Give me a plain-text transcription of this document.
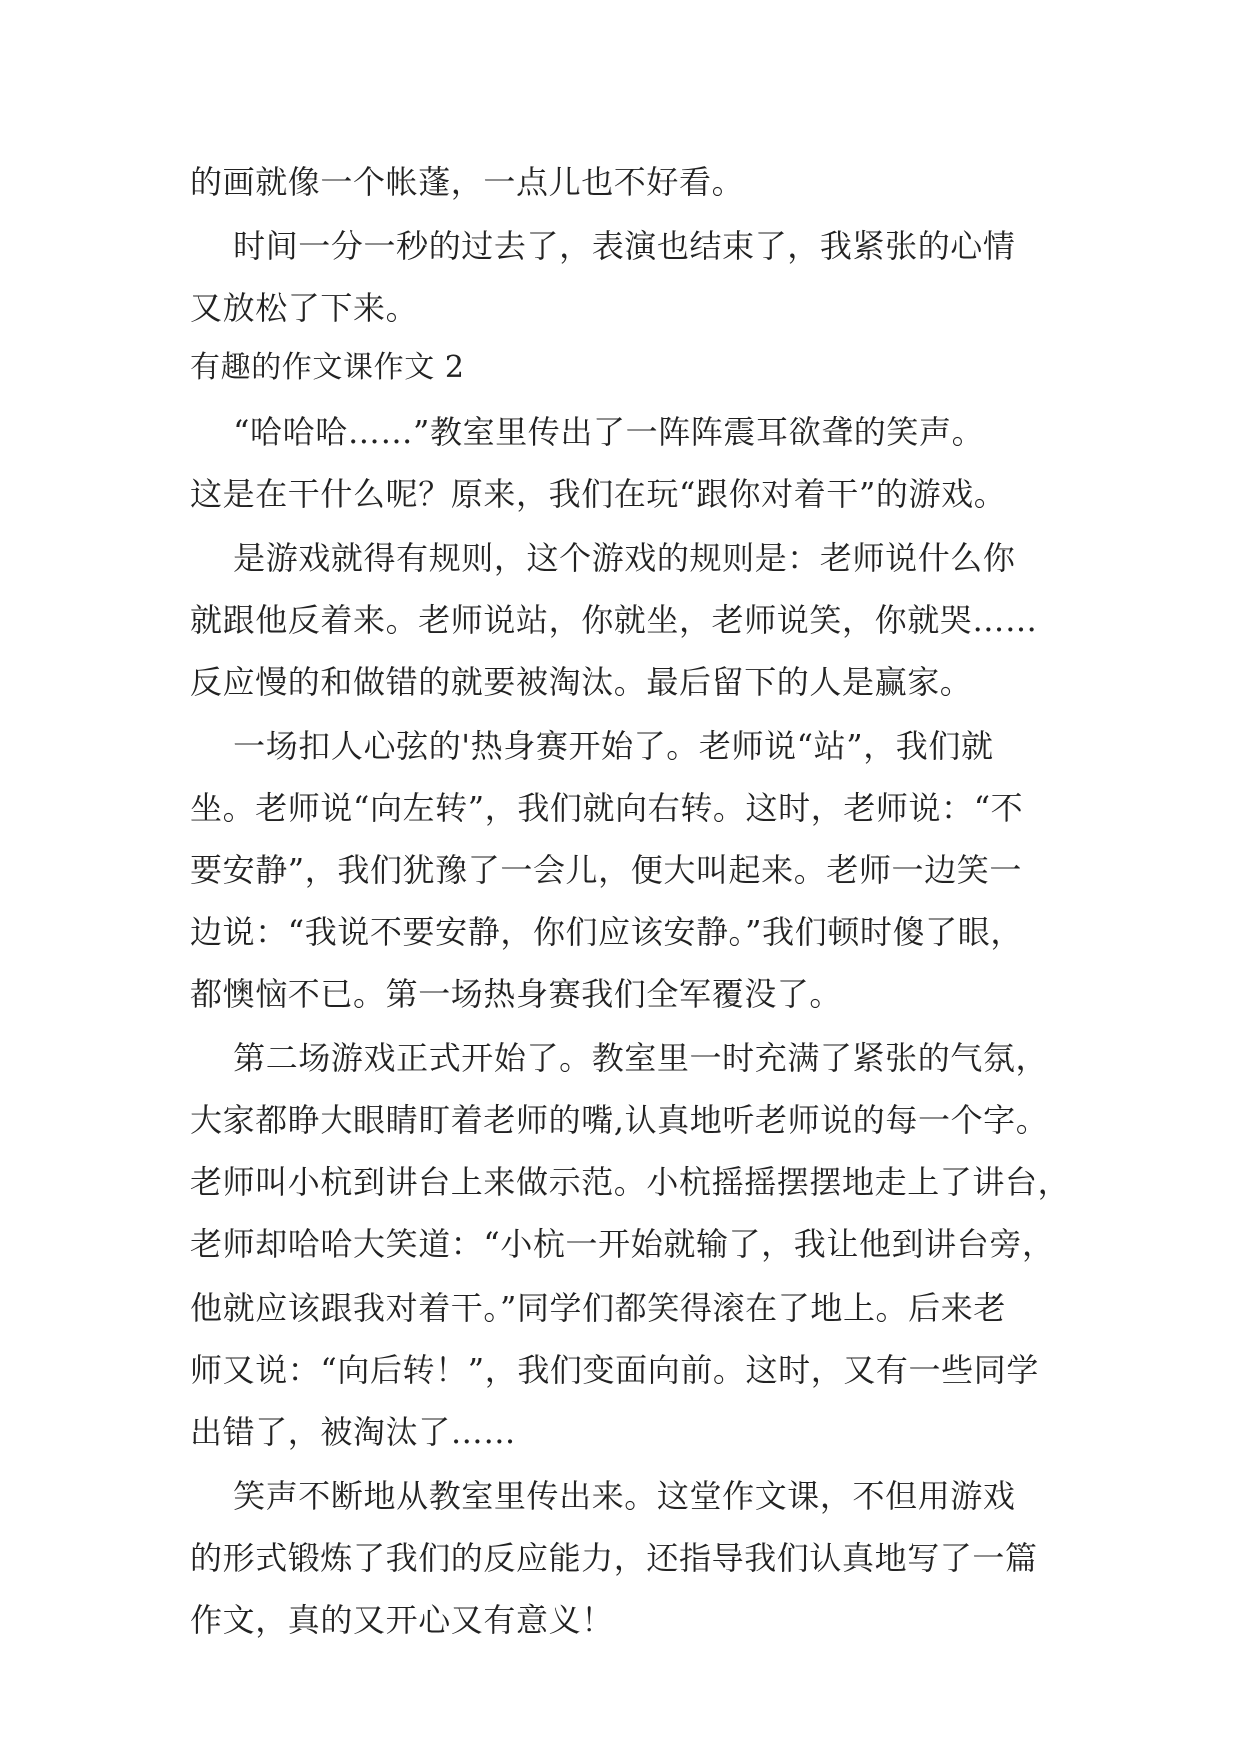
的画就像一个帐蓬，一点儿也不好看。
时间一分一秒的过去了，表演也结束了，我紧张的心情
又放松了下来。
有趣的作文课作文 2
“哈哈哈……”教室里传出了一阵阵震耳欲聋的笑声。
这是在干什么呢？原来，我们在玩“跟你对着干”的游戏。
是游戏就得有规则，这个游戏的规则是：老师说什么你
就跟他反着来。老师说站，你就坐，老师说笑，你就哭……
反应慢的和做错的就要被淘汰。最后留下的人是赢家。
一场扣人心弦的'热身赛开始了。老师说“站”，我们就
坐。老师说“向左转”，我们就向右转。这时，老师说：“不
要安静”，我们犹豫了一会儿，便大叫起来。老师一边笑一
边说：“我说不要安静，你们应该安静。”我们顿时傻了眼，
都懊恼不已。第一场热身赛我们全军覆没了。
第二场游戏正式开始了。教室里一时充满了紧张的气氛，
大家都睁大眼睛盯着老师的嘴,认真地听老师说的每一个字。
老师叫小杭到讲台上来做示范。小杭摇摇摆摆地走上了讲台，
老师却哈哈大笑道：“小杭一开始就输了，我让他到讲台旁，
他就应该跟我对着干。”同学们都笑得滚在了地上。后来老
师又说：“向后转！”，我们变面向前。这时，又有一些同学
出错了，被淘汰了……
笑声不断地从教室里传出来。这堂作文课，不但用游戏
的形式锻炼了我们的反应能力，还指导我们认真地写了一篇
作文，真的又开心又有意义！
